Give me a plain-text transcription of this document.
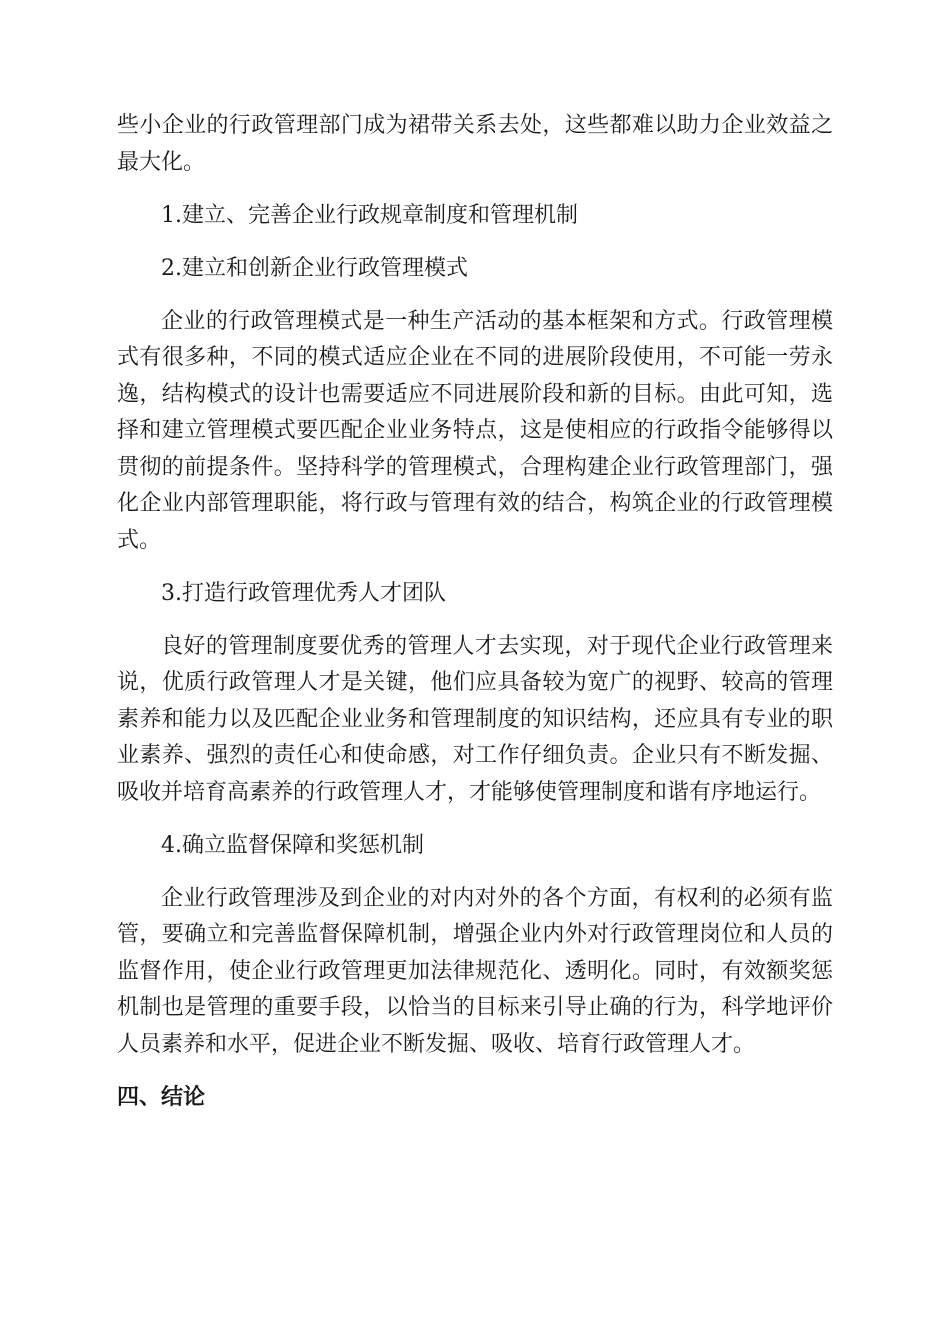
些小企业的行政管理部门成为裙带关系去处，这些都难以助力企业效益之最大化。

1.建立、完善企业行政规章制度和管理机制

2.建立和创新企业行政管理模式

企业的行政管理模式是一种生产活动的基本框架和方式。行政管理模式有很多种，不同的模式适应企业在不同的进展阶段使用，不可能一劳永逸，结构模式的设计也需要适应不同进展阶段和新的目标。由此可知，选择和建立管理模式要匹配企业业务特点，这是使相应的行政指令能够得以贯彻的前提条件。坚持科学的管理模式，合理构建企业行政管理部门，强化企业内部管理职能，将行政与管理有效的结合，构筑企业的行政管理模式。

3.打造行政管理优秀人才团队

良好的管理制度要优秀的管理人才去实现，对于现代企业行政管理来说，优质行政管理人才是关键，他们应具备较为宽广的视野、较高的管理素养和能力以及匹配企业业务和管理制度的知识结构，还应具有专业的职业素养、强烈的责任心和使命感，对工作仔细负责。企业只有不断发掘、吸收并培育高素养的行政管理人才，才能够使管理制度和谐有序地运行。

4.确立监督保障和奖惩机制

企业行政管理涉及到企业的对内对外的各个方面，有权利的必须有监管，要确立和完善监督保障机制，增强企业内外对行政管理岗位和人员的监督作用，使企业行政管理更加法律规范化、透明化。同时，有效额奖惩机制也是管理的重要手段，以恰当的目标来引导止确的行为，科学地评价人员素养和水平，促进企业不断发掘、吸收、培育行政管理人才。

四、结论
